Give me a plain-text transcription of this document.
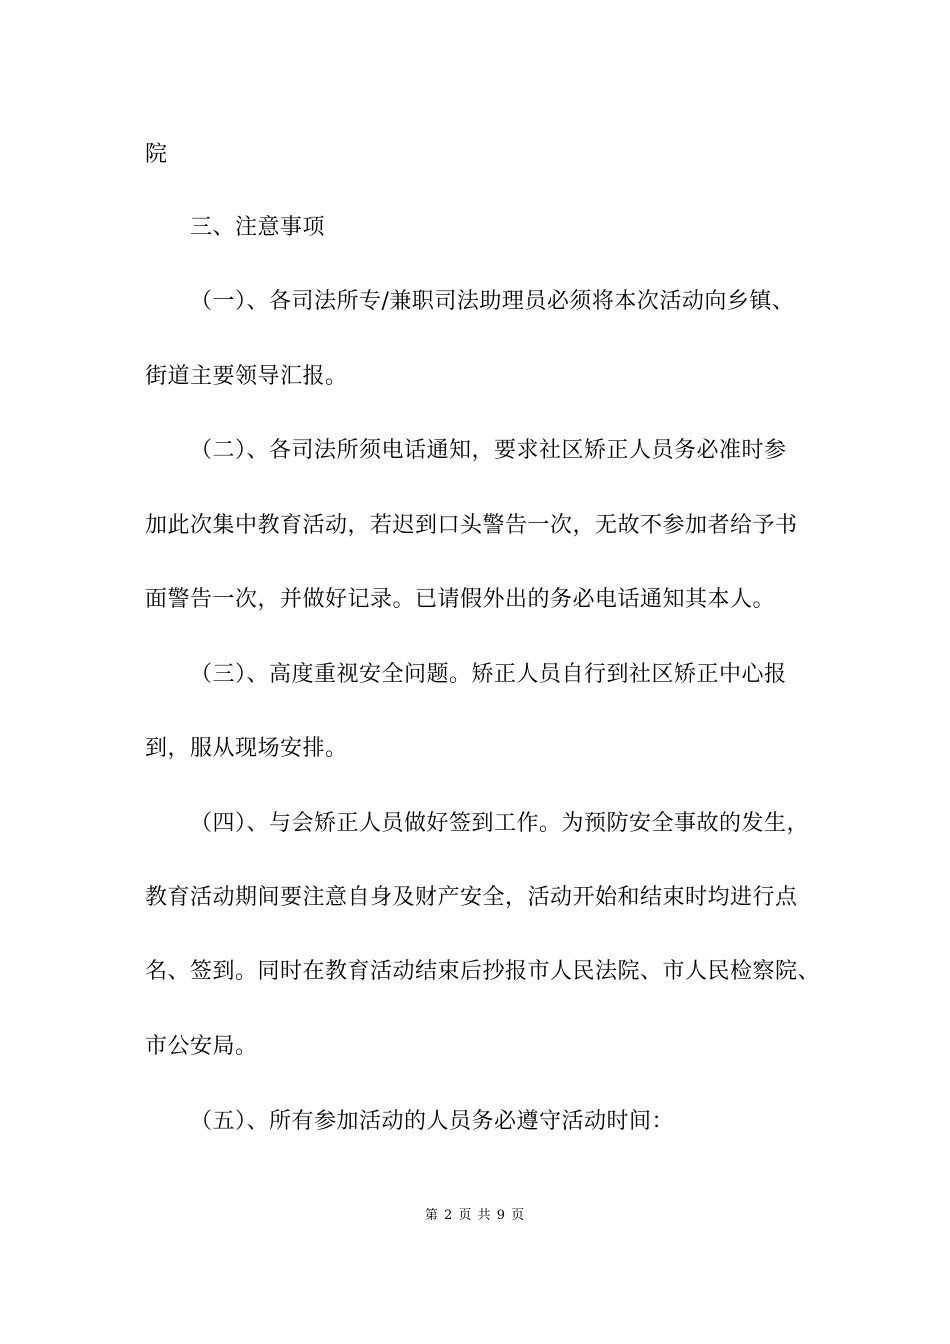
院
三、注意事项
（一）、各司法所专/兼职司法助理员必须将本次活动向乡镇、
街道主要领导汇报。
（二）、各司法所须电话通知，要求社区矫正人员务必准时参
加此次集中教育活动，若迟到口头警告一次，无故不参加者给予书
面警告一次，并做好记录。已请假外出的务必电话通知其本人。
（三）、高度重视安全问题。矫正人员自行到社区矫正中心报
到，服从现场安排。
（四）、与会矫正人员做好签到工作。为预防安全事故的发生，
教育活动期间要注意自身及财产安全，活动开始和结束时均进行点
名、签到。同时在教育活动结束后抄报市人民法院、市人民检察院、
市公安局。
（五）、所有参加活动的人员务必遵守活动时间：
第 2 页 共 9 页
